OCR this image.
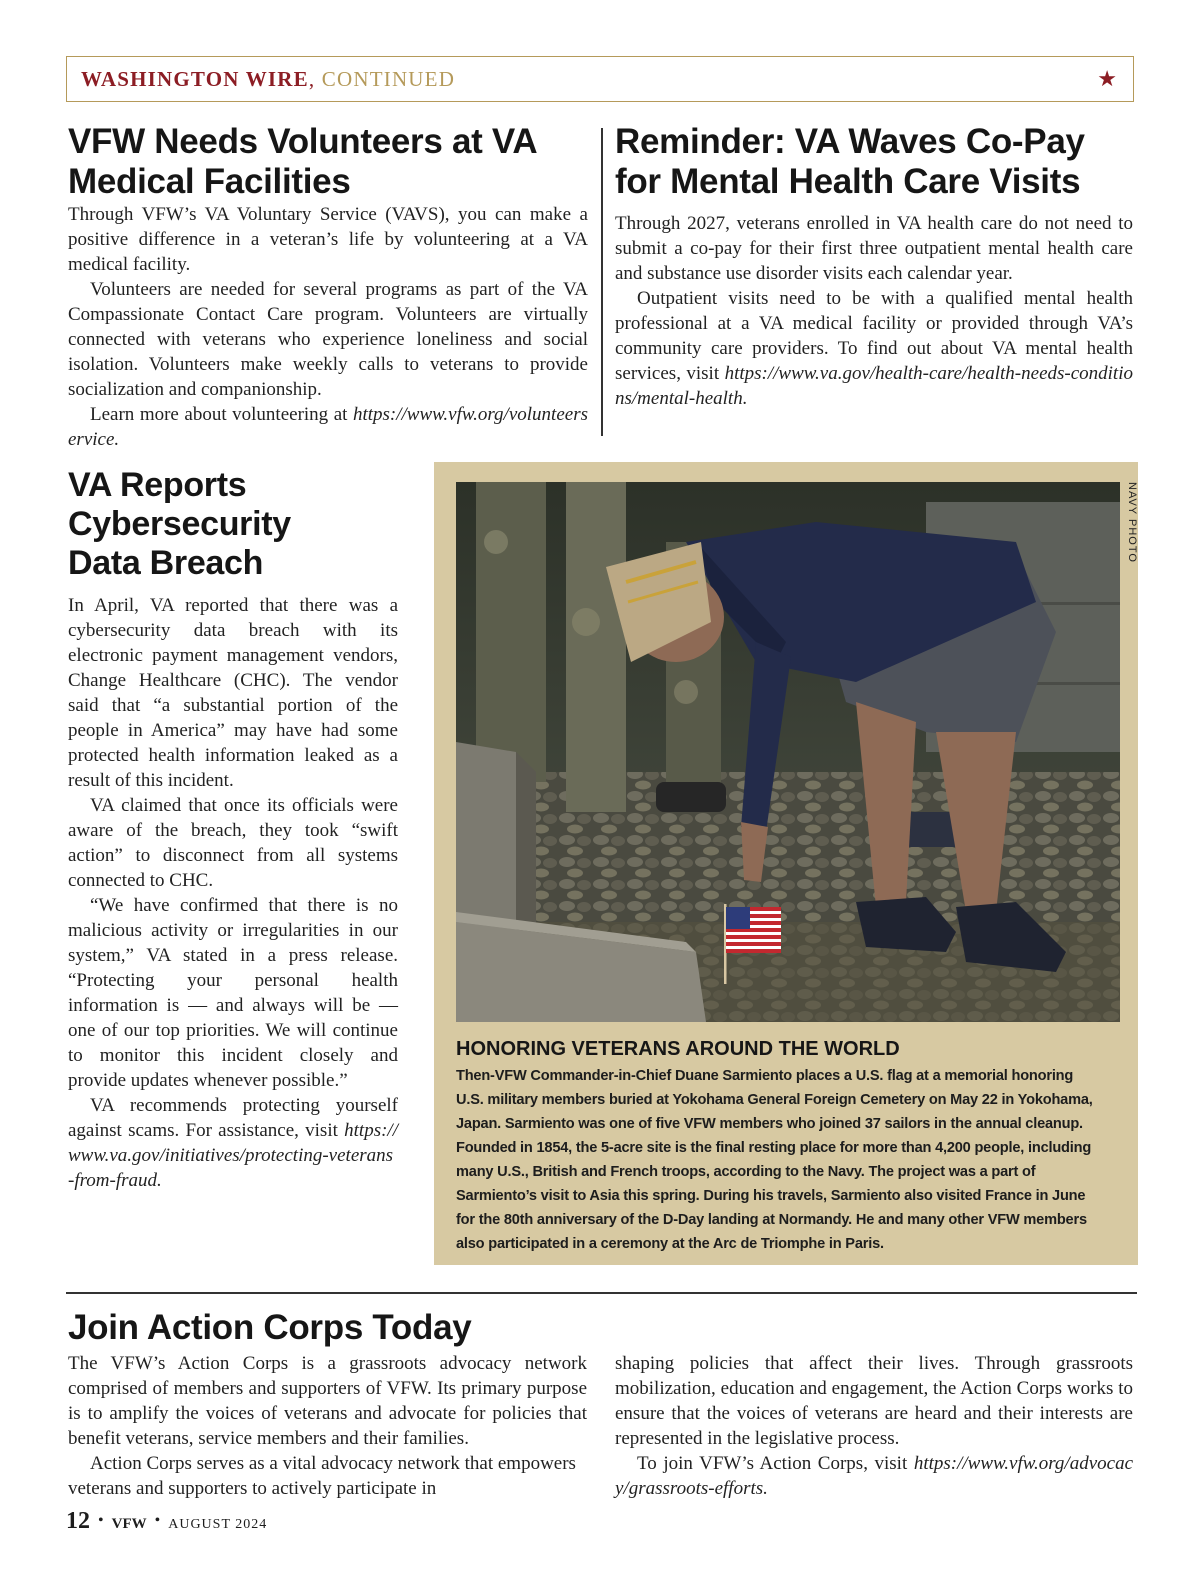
WASHINGTON WIRE, CONTINUED	★
VFW Needs Volunteers at VA Medical Facilities

Through VFW’s VA Voluntary Service (VAVS), you can make a positive difference in a veteran’s life by volunteering at a VA medical facility.

Volunteers are needed for several programs as part of the VA Compassionate Contact Care program. Volunteers are virtually connected with veterans who experience loneliness and social isolation. Volunteers make weekly calls to veterans to provide socialization and companionship.

Learn more about volunteering at https://www.vfw.org/volunteerservice.

Reminder: VA Waves Co-Pay for Mental Health Care Visits

Through 2027, veterans enrolled in VA health care do not need to submit a co-pay for their first three outpatient mental health care and substance use disorder visits each calendar year.

Outpatient visits need to be with a qualified mental health professional at a VA medical facility or provided through VA’s community care providers. To find out about VA mental health services, visit https://www.va.gov/health-care/health-needs-conditions/mental-health.

VA Reports Cybersecurity Data Breach

In April, VA reported that there was a cybersecurity data breach with its electronic payment management vendors, Change Healthcare (CHC). The vendor said that “a substantial portion of the people in America” may have had some protected health information leaked as a result of this incident.

VA claimed that once its officials were aware of the breach, they took “swift action” to disconnect from all systems connected to CHC.

“We have confirmed that there is no malicious activity or irregularities in our system,” VA stated in a press release. “Protecting your personal health information is — and always will be — one of our top priorities. We will continue to monitor this incident closely and provide updates whenever possible.”

VA recommends protecting yourself against scams. For assistance, visit https://www.va.gov/initiatives/protecting-veterans-from-fraud.

NAVY PHOTO
HONORING VETERANS AROUND THE WORLD
Then-VFW Commander-in-Chief Duane Sarmiento places a U.S. flag at a memorial honoring U.S. military members buried at Yokohama General Foreign Cemetery on May 22 in Yokohama, Japan. Sarmiento was one of five VFW members who joined 37 sailors in the annual cleanup. Founded in 1854, the 5-acre site is the final resting place for more than 4,200 people, including many U.S., British and French troops, according to the Navy. The project was a part of Sarmiento’s visit to Asia this spring. During his travels, Sarmiento also visited France in June for the 80th anniversary of the D-Day landing at Normandy. He and many other VFW members also participated in a ceremony at the Arc de Triomphe in Paris.
Join Action Corps Today

The VFW’s Action Corps is a grassroots advocacy network comprised of members and supporters of VFW. Its primary purpose is to amplify the voices of veterans and advocate for policies that benefit veterans, service members and their families.

Action Corps serves as a vital advocacy network that empowers veterans and supporters to actively participate in

shaping policies that affect their lives. Through grassroots mobilization, education and engagement, the Action Corps works to ensure that the voices of veterans are heard and their interests are represented in the legislative process.

To join VFW’s Action Corps, visit https://www.vfw.org/advocacy/grassroots-efforts.

12 • VFW • AUGUST 2024
